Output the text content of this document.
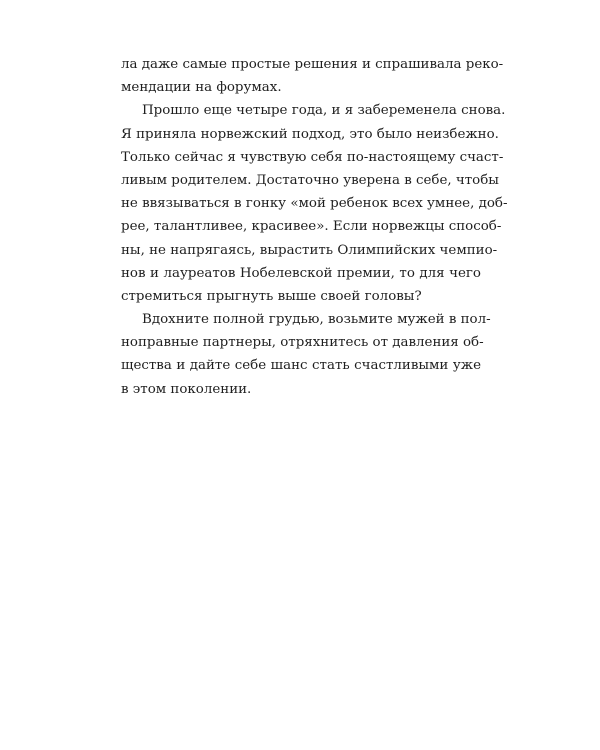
ла даже самые простые решения и спрашивала реко-
мендации на форумах.
Прошло еще четыре года, и я забеременела снова.
Я приняла норвежский подход, это было неизбежно.
Только сейчас я чувствую себя по-настоящему счаст-
ливым родителем. Достаточно уверена в себе, чтобы
не ввязываться в гонку «мой ребенок всех умнее, доб-
рее, талантливее, красивее». Если норвежцы способ-
ны, не напрягаясь, вырастить Олимпийских чемпио-
нов и лауреатов Нобелевской премии, то для чего
стремиться прыгнуть выше своей головы?
Вдохните полной грудью, возьмите мужей в пол-
ноправные партнеры, отряхнитесь от давления об-
щества и дайте себе шанс стать счастливыми уже
в этом поколении.
